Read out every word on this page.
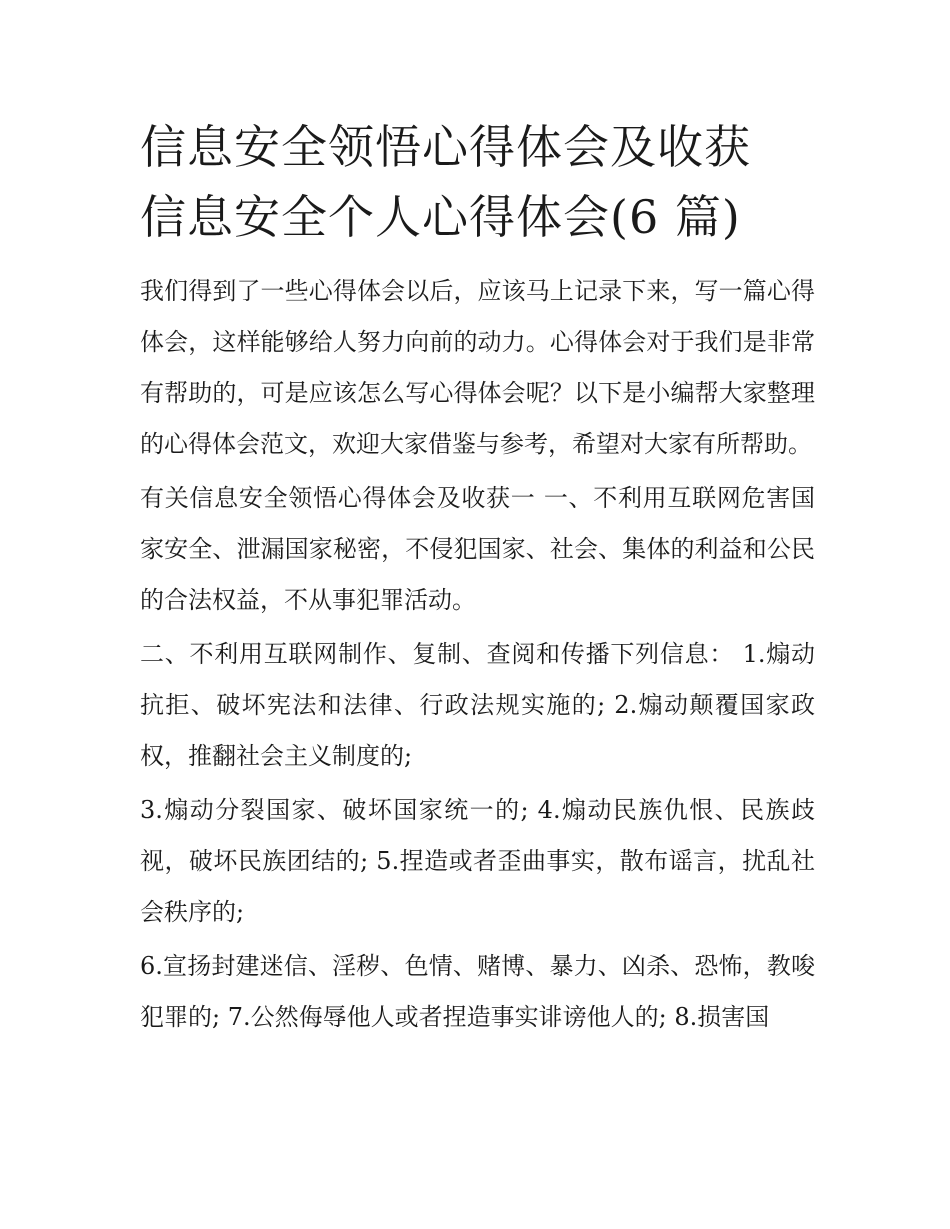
信息安全领悟心得体会及收获
信息安全个人心得体会(6 篇)

我们得到了一些心得体会以后，应该马上记录下来，写一篇心得体会，这样能够给人努力向前的动力。心得体会对于我们是非常有帮助的，可是应该怎么写心得体会呢？以下是小编帮大家整理的心得体会范文，欢迎大家借鉴与参考，希望对大家有所帮助。

有关信息安全领悟心得体会及收获一 一、不利用互联网危害国家安全、泄漏国家秘密，不侵犯国家、社会、集体的利益和公民的合法权益，不从事犯罪活动。

二、不利用互联网制作、复制、查阅和传播下列信息： 1.煽动抗拒、破坏宪法和法律、行政法规实施的; 2.煽动颠覆国家政权，推翻社会主义制度的;

3.煽动分裂国家、破坏国家统一的; 4.煽动民族仇恨、民族歧视，破坏民族团结的; 5.捏造或者歪曲事实，散布谣言，扰乱社会秩序的;

6.宣扬封建迷信、淫秽、色情、赌博、暴力、凶杀、恐怖，教唆犯罪的; 7.公然侮辱他人或者捏造事实诽谤他人的; 8.损害国
